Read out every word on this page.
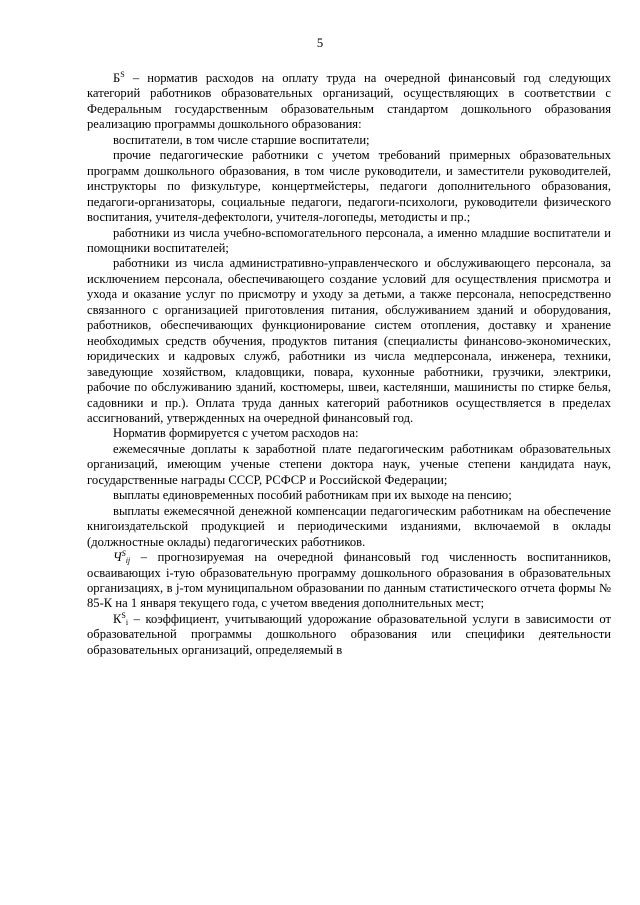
5

$Б^S$ – норматив расходов на оплату труда на очередной финансовый год следующих категорий работников образовательных организаций, осуществляющих в соответствии с Федеральным государственным образовательным стандартом дошкольного образования реализацию программы дошкольного образования:

воспитатели, в том числе старшие воспитатели;

прочие педагогические работники с учетом требований примерных образовательных программ дошкольного образования, в том числе руководители, и заместители руководителей, инструкторы по физкультуре, концертмейстеры, педагоги дополнительного образования, педагоги-организаторы, социальные педагоги, педагоги-психологи, руководители физического воспитания, учителя-дефектологи, учителя-логопеды, методисты и пр.;

работники из числа учебно-вспомогательного персонала, а именно младшие воспитатели и помощники воспитателей;

работники из числа административно-управленческого и обслуживающего персонала, за исключением персонала, обеспечивающего создание условий для осуществления присмотра и ухода и оказание услуг по присмотру и уходу за детьми, а также персонала, непосредственно связанного с организацией приготовления питания, обслуживанием зданий и оборудования, работников, обеспечивающих функционирование систем отопления, доставку и хранение необходимых средств обучения, продуктов питания (специалисты финансово-экономических, юридических и кадровых служб, работники из числа медперсонала, инженера, техники, заведующие хозяйством, кладовщики, повара, кухонные работники, грузчики, электрики, рабочие по обслуживанию зданий, костюмеры, швеи, кастелянши, машинисты по стирке белья, садовники и пр.). Оплата труда данных категорий работников осуществляется в пределах ассигнований, утвержденных на очередной финансовый год.

Норматив формируется с учетом расходов на:

ежемесячные доплаты к заработной плате педагогическим работникам образовательных организаций, имеющим ученые степени доктора наук, ученые степени кандидата наук, государственные награды СССР, РСФСР и Российской Федерации;

выплаты единовременных пособий работникам при их выходе на пенсию;

выплаты ежемесячной денежной компенсации педагогическим работникам на обеспечение книгоиздательской продукцией и периодическими изданиями, включаемой в оклады (должностные оклады) педагогических работников.

$Ч^S_{ij}$ – прогнозируемая на очередной финансовый год численность воспитанников, осваивающих i-тую образовательную программу дошкольного образования в образовательных организациях, в j-том муниципальном образовании по данным статистического отчета формы № 85-К на 1 января текущего года, с учетом введения дополнительных мест;

$К^S_i$ – коэффициент, учитывающий удорожание образовательной услуги в зависимости от образовательной программы дошкольного образования или специфики деятельности образовательных организаций, определяемый в
